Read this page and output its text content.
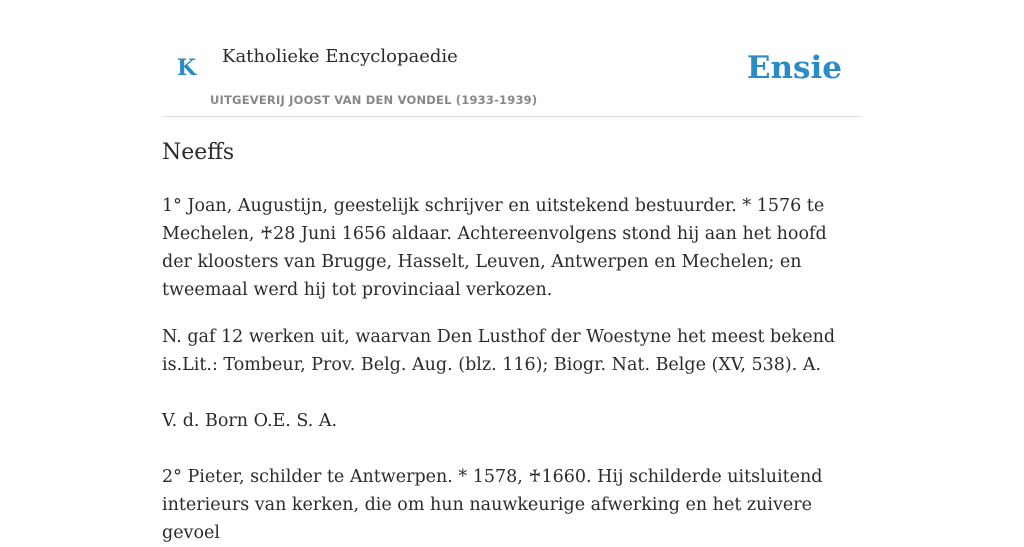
K Katholieke Encyclopaedie
UITGEVERIJ JOOST VAN DEN VONDEL (1933-1939)
Ensie
Neeffs

1° Joan, Augustijn, geestelijk schrijver en uitstekend bestuurder. * 1576 te Mechelen, ♰28 Juni 1656 aldaar. Achtereenvolgens stond hij aan het hoofd der kloosters van Brugge, Hasselt, Leuven, Antwerpen en Mechelen; en tweemaal werd hij tot provinciaal verkozen.

N. gaf 12 werken uit, waarvan Den Lusthof der Woestyne het meest bekend is.Lit.: Tombeur, Prov. Belg. Aug. (blz. 116); Biogr. Nat. Belge (XV, 538). A.

V. d. Born O.E. S. A.

2° Pieter, schilder te Antwerpen. * 1578, ♰1660. Hij schilderde uitsluitend interieurs van kerken, die om hun nauwkeurige afwerking en het zuivere gevoel
